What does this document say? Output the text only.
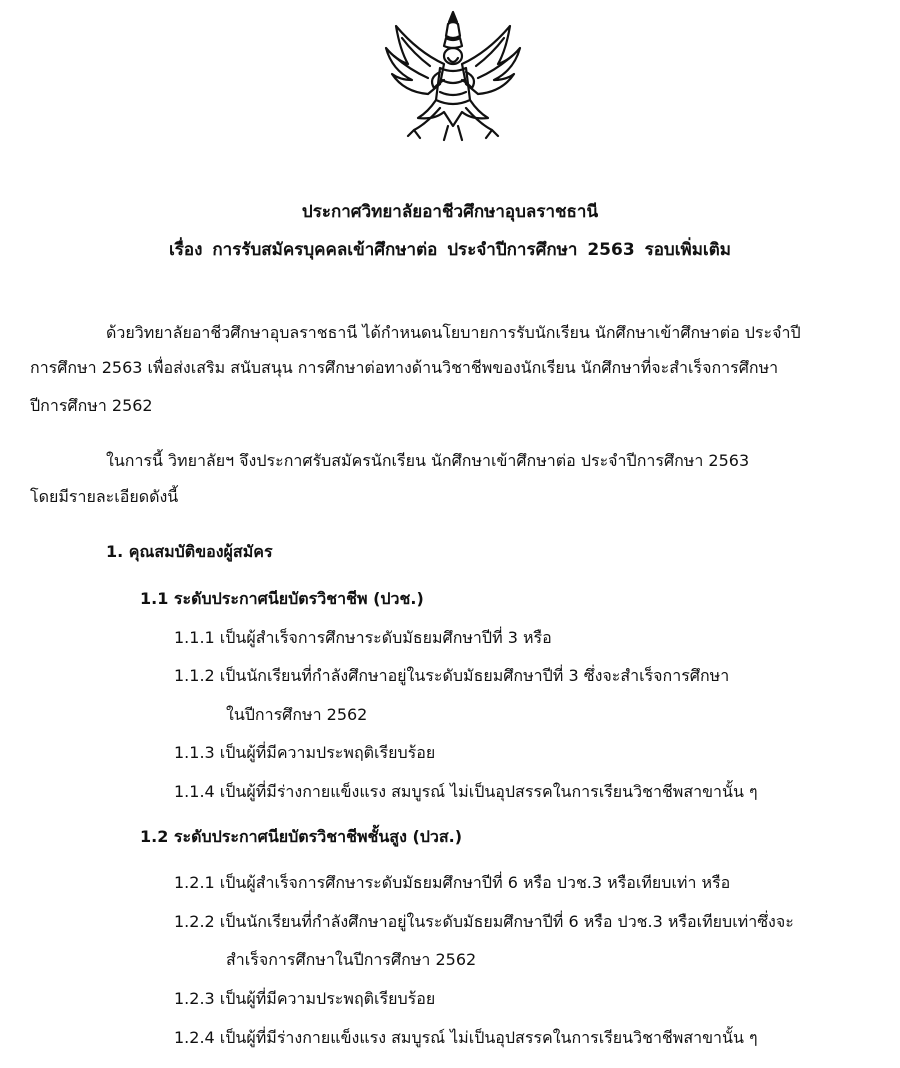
ประกาศวิทยาลัยอาชีวศึกษาอุบลราชธานี
เรื่อง การรับสมัครบุคคลเข้าศึกษาต่อ ประจำปีการศึกษา 2563 รอบเพิ่มเติม
ด้วยวิทยาลัยอาชีวศึกษาอุบลราชธานี ได้กำหนดนโยบายการรับนักเรียน นักศึกษาเข้าศึกษาต่อ ประจำปี
การศึกษา 2563 เพื่อส่งเสริม สนับสนุน การศึกษาต่อทางด้านวิชาชีพของนักเรียน นักศึกษาที่จะสำเร็จการศึกษา
ปีการศึกษา 2562
ในการนี้ วิทยาลัยฯ จึงประกาศรับสมัครนักเรียน นักศึกษาเข้าศึกษาต่อ ประจำปีการศึกษา 2563
โดยมีรายละเอียดดังนี้
1. คุณสมบัติของผู้สมัคร
1.1 ระดับประกาศนียบัตรวิชาชีพ (ปวช.)
1.1.1 เป็นผู้สำเร็จการศึกษาระดับมัธยมศึกษาปีที่ 3 หรือ
1.1.2 เป็นนักเรียนที่กำลังศึกษาอยู่ในระดับมัธยมศึกษาปีที่ 3 ซึ่งจะสำเร็จการศึกษา
ในปีการศึกษา 2562
1.1.3 เป็นผู้ที่มีความประพฤติเรียบร้อย
1.1.4 เป็นผู้ที่มีร่างกายแข็งแรง สมบูรณ์ ไม่เป็นอุปสรรคในการเรียนวิชาชีพสาขานั้น ๆ
1.2 ระดับประกาศนียบัตรวิชาชีพชั้นสูง (ปวส.)
1.2.1 เป็นผู้สำเร็จการศึกษาระดับมัธยมศึกษาปีที่ 6 หรือ ปวช.3 หรือเทียบเท่า หรือ
1.2.2 เป็นนักเรียนที่กำลังศึกษาอยู่ในระดับมัธยมศึกษาปีที่ 6 หรือ ปวช.3 หรือเทียบเท่าซึ่งจะ
สำเร็จการศึกษาในปีการศึกษา 2562
1.2.3 เป็นผู้ที่มีความประพฤติเรียบร้อย
1.2.4 เป็นผู้ที่มีร่างกายแข็งแรง สมบูรณ์ ไม่เป็นอุปสรรคในการเรียนวิชาชีพสาขานั้น ๆ
